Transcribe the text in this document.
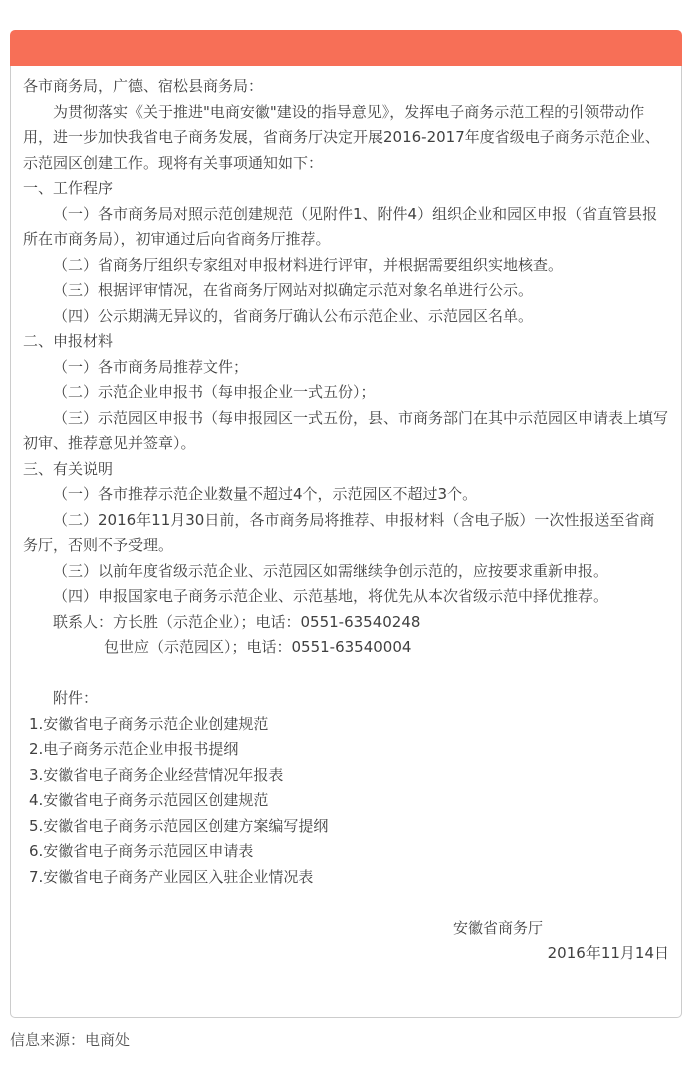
各市商务局，广德、宿松县商务局：

为贯彻落实《关于推进"电商安徽"建设的指导意见》，发挥电子商务示范工程的引领带动作用，进一步加快我省电子商务发展，省商务厅决定开展2016-2017年度省级电子商务示范企业、示范园区创建工作。现将有关事项通知如下：

一、工作程序

（一）各市商务局对照示范创建规范（见附件1、附件4）组织企业和园区申报（省直管县报所在市商务局），初审通过后向省商务厅推荐。

（二）省商务厅组织专家组对申报材料进行评审，并根据需要组织实地核查。

（三）根据评审情况，在省商务厅网站对拟确定示范对象名单进行公示。

（四）公示期满无异议的，省商务厅确认公布示范企业、示范园区名单。

二、申报材料

（一）各市商务局推荐文件；

（二）示范企业申报书（每申报企业一式五份）；

（三）示范园区申报书（每申报园区一式五份，县、市商务部门在其中示范园区申请表上填写初审、推荐意见并签章）。

三、有关说明

（一）各市推荐示范企业数量不超过4个，示范园区不超过3个。

（二）2016年11月30日前，各市商务局将推荐、申报材料（含电子版）一次性报送至省商务厅，否则不予受理。

（三）以前年度省级示范企业、示范园区如需继续争创示范的，应按要求重新申报。

（四）申报国家电子商务示范企业、示范基地，将优先从本次省级示范中择优推荐。

联系人：方长胜（示范企业）；电话：0551-63540248

包世应（示范园区）；电话：0551-63540004

附件：

1.安徽省电子商务示范企业创建规范

2.电子商务示范企业申报书提纲

3.安徽省电子商务企业经营情况年报表

4.安徽省电子商务示范园区创建规范

5.安徽省电子商务示范园区创建方案编写提纲

6.安徽省电子商务示范园区申请表

7.安徽省电子商务产业园区入驻企业情况表

安徽省商务厅

2016年11月14日

信息来源：电商处
